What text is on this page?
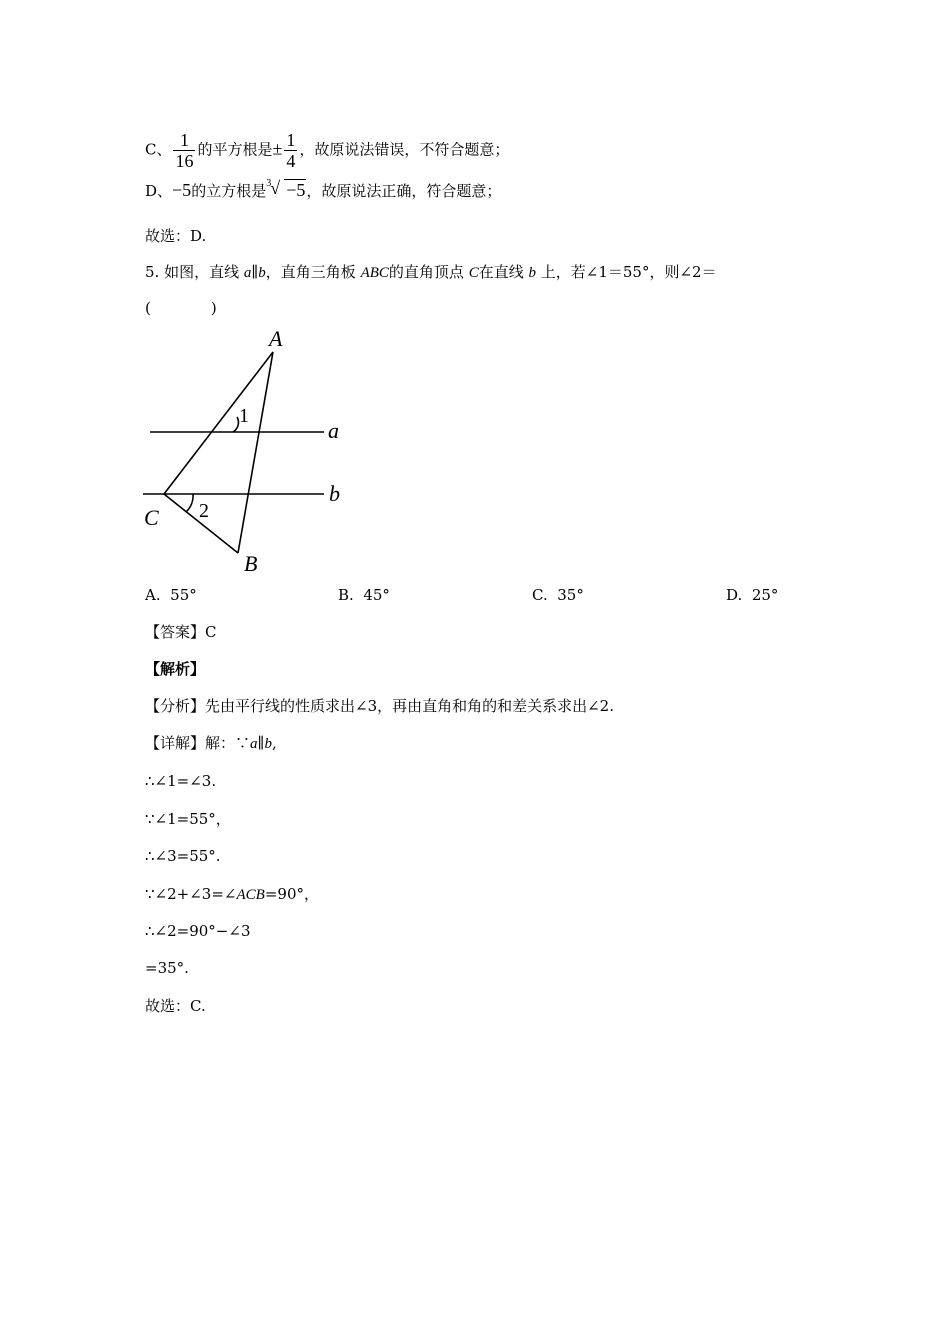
C、 $\frac{1}{16}$ 的平方根是± $\frac{1}{4}$ ，故原说法错误，不符合题意；
D、−5的立方根是 3 √ −5，故原说法正确，符合题意；
故选：D.
5. 如图，直线 a∥b，直角三角板 ABC的直角顶点 C在直线 b 上，若∠1＝55°，则∠2＝
(　　　　)
A
B
C
a
b
1
2
A. 55°	B. 45°	C. 35°	D. 25°
【答案】C
【解析】
【分析】先由平行线的性质求出∠3，再由直角和角的和差关系求出∠2.
【详解】解：∵a∥b,
∴∠1=∠3.
∵∠1=55°，
∴∠3=55°.
∵∠2+∠3=∠ACB=90°，
∴∠2=90°−∠3
=35°.
故选：C.
